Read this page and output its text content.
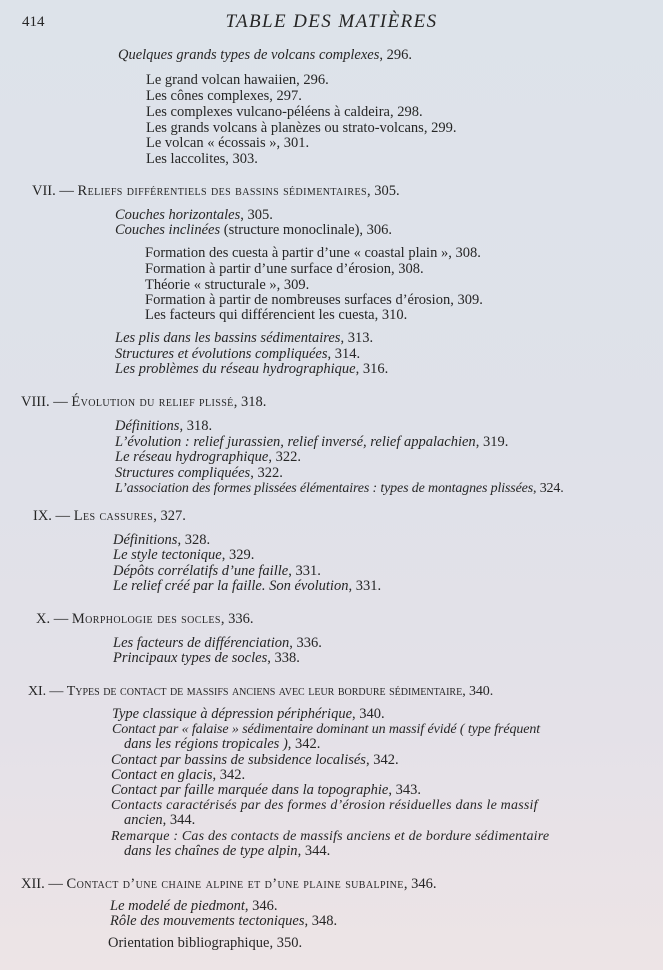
414	TABLE DES MATIÈRES
Quelques grands types de volcans complexes, 296.
Le grand volcan hawaiien, 296.
Les cônes complexes, 297.
Les complexes vulcano-péléens à caldeira, 298.
Les grands volcans à planèzes ou strato-volcans, 299.
Le volcan « écossais », 301.
Les laccolites, 303.
VII. — Reliefs différentiels des bassins sédimentaires, 305.
Couches horizontales, 305.
Couches inclinées (structure monoclinale), 306.
Formation des cuesta à partir d’une « coastal plain », 308.
Formation à partir d’une surface d’érosion, 308.
Théorie « structurale », 309.
Formation à partir de nombreuses surfaces d’érosion, 309.
Les facteurs qui différencient les cuesta, 310.
Les plis dans les bassins sédimentaires, 313.
Structures et évolutions compliquées, 314.
Les problèmes du réseau hydrographique, 316.
VIII. — Évolution du relief plissé, 318.
Définitions, 318.
L’évolution : relief jurassien, relief inversé, relief appalachien, 319.
Le réseau hydrographique, 322.
Structures compliquées, 322.
L’association des formes plissées élémentaires : types de montagnes plissées, 324.
IX. — Les cassures, 327.
Définitions, 328.
Le style tectonique, 329.
Dépôts corrélatifs d’une faille, 331.
Le relief créé par la faille. Son évolution, 331.
X. — Morphologie des socles, 336.
Les facteurs de différenciation, 336.
Principaux types de socles, 338.
XI. — Types de contact de massifs anciens avec leur bordure sédimentaire, 340.
Type classique à dépression périphérique, 340.
Contact par « falaise » sédimentaire dominant un massif évidé ( type fréquent
dans les régions tropicales ), 342.
Contact par bassins de subsidence localisés, 342.
Contact en glacis, 342.
Contact par faille marquée dans la topographie, 343.
Contacts caractérisés par des formes d’érosion résiduelles dans le massif
ancien, 344.
Remarque : Cas des contacts de massifs anciens et de bordure sédimentaire
dans les chaînes de type alpin, 344.
XII. — Contact d’une chaine alpine et d’une plaine subalpine, 346.
Le modelé de piedmont, 346.
Rôle des mouvements tectoniques, 348.
Orientation bibliographique, 350.
